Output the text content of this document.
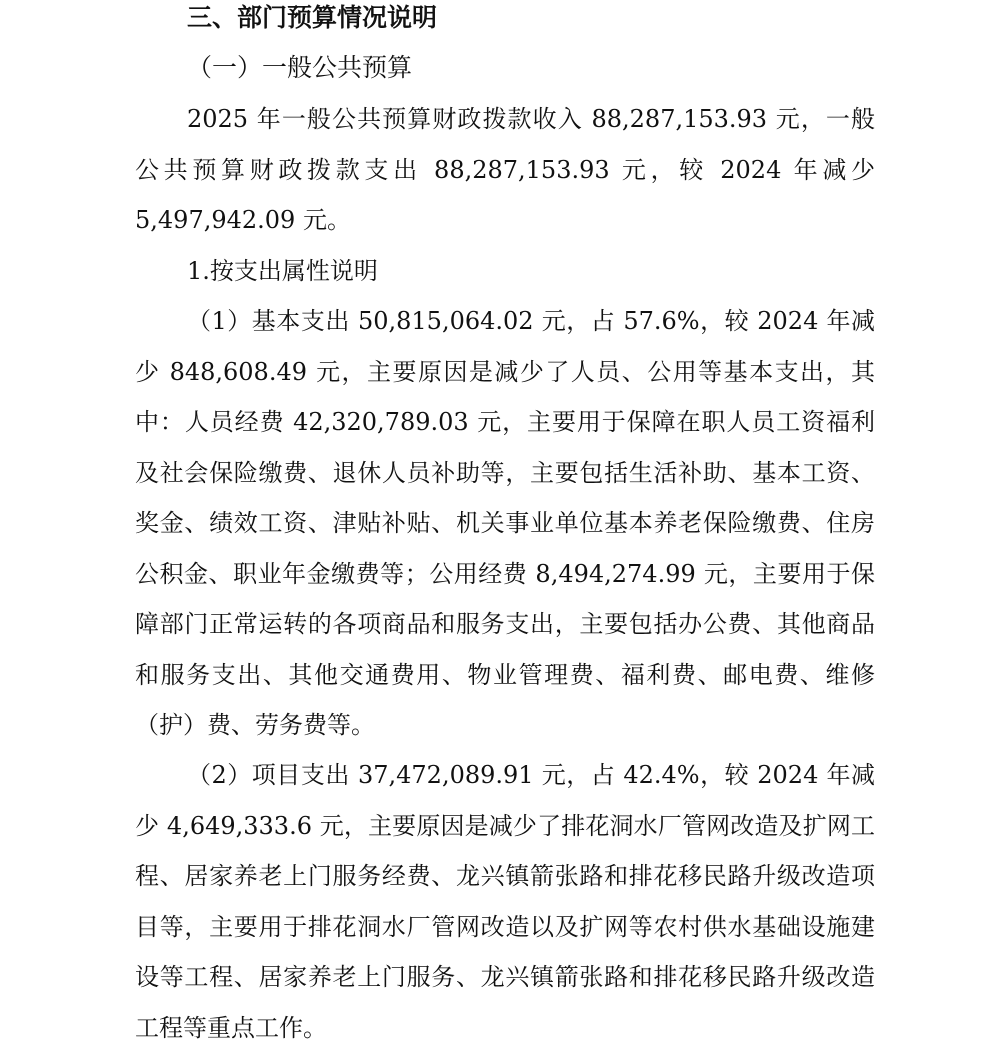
三、部门预算情况说明
（一）一般公共预算

2025 年一般公共预算财政拨款收入 88,287,153.93 元，一般公共预算财政拨款支出 88,287,153.93 元，较 2024 年减少 5,497,942.09 元。

1.按支出属性说明

（1）基本支出 50,815,064.02 元，占 57.6%，较 2024 年减少 848,608.49 元，主要原因是减少了人员、公用等基本支出，其中：人员经费 42,320,789.03 元，主要用于保障在职人员工资福利及社会保险缴费、退休人员补助等，主要包括生活补助、基本工资、奖金、绩效工资、津贴补贴、机关事业单位基本养老保险缴费、住房公积金、职业年金缴费等；公用经费 8,494,274.99 元，主要用于保障部门正常运转的各项商品和服务支出，主要包括办公费、其他商品和服务支出、其他交通费用、物业管理费、福利费、邮电费、维修（护）费、劳务费等。

（2）项目支出 37,472,089.91 元，占 42.4%，较 2024 年减少 4,649,333.6 元，主要原因是减少了排花洞水厂管网改造及扩网工程、居家养老上门服务经费、龙兴镇箭张路和排花移民路升级改造项目等，主要用于排花洞水厂管网改造以及扩网等农村供水基础设施建设等工程、居家养老上门服务、龙兴镇箭张路和排花移民路升级改造工程等重点工作。
